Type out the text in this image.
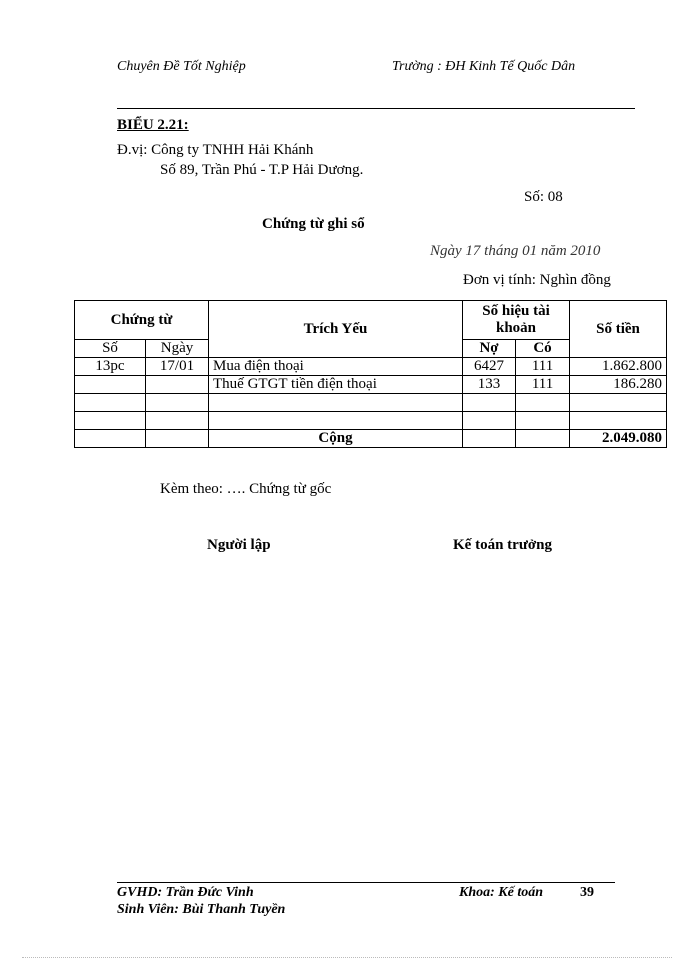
Chuyên Đề Tốt Nghiệp	Trường : ĐH Kinh Tế Quốc Dân
BIỂU 2.21:
Đ.vị: Công ty TNHH Hải Khánh
Số 89, Trần Phú - T.P Hải Dương.
Số: 08
Chứng từ ghi sổ
Ngày 17 tháng 01 năm 2010
Đơn vị tính: Nghìn đồng
Chứng từ		Trích Yếu	Số hiệu tài khoản		Số tiền
Số	Ngày		Nợ	Có	
13pc	17/01	Mua điện thoại	6427	111	1.862.800
		Thuế GTGT tiền điện thoại	133	111	186.280

		Cộng			2.049.080
Kèm theo: …. Chứng từ gốc
Người lập	Kế toán trưởng
GVHD: Trần Đức Vinh	Khoa: Kế toán	39
Sinh Viên: Bùi Thanh Tuyền
